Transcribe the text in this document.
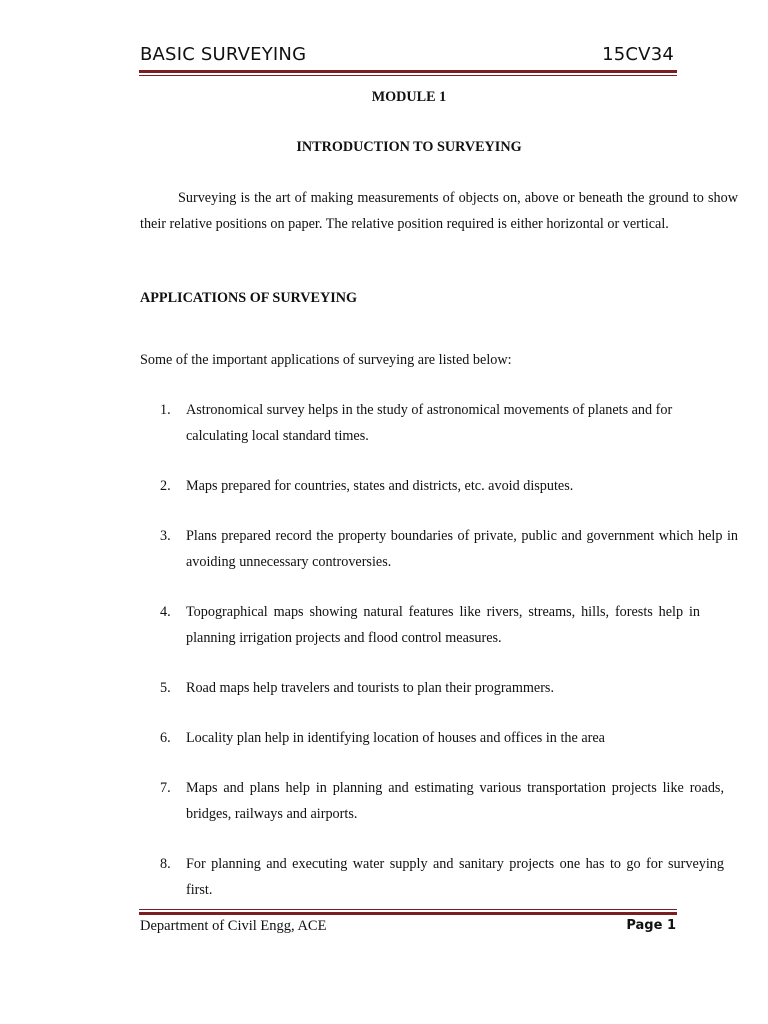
BASIC SURVEYING	15CV34
MODULE 1
INTRODUCTION TO SURVEYING
Surveying is the art of making measurements of objects on, above or beneath the ground to show their relative positions on paper. The relative position required is either horizontal or vertical.
APPLICATIONS OF SURVEYING
Some of the important applications of surveying are listed below:
1.	Astronomical survey helps in the study of astronomical movements of planets and for calculating local standard times.
2.	Maps prepared for countries, states and districts, etc. avoid disputes.
3.	Plans prepared record the property boundaries of private, public and government which help in avoiding unnecessary controversies.
4.	Topographical maps showing natural features like rivers, streams, hills, forests help in planning irrigation projects and flood control measures.
5.	Road maps help travelers and tourists to plan their programmers.
6.	Locality plan help in identifying location of houses and offices in the area
7.	Maps and plans help in planning and estimating various transportation projects like roads, bridges, railways and airports.
8.	For planning and executing water supply and sanitary projects one has to go for surveying first.
Department of Civil Engg, ACE	Page 1
